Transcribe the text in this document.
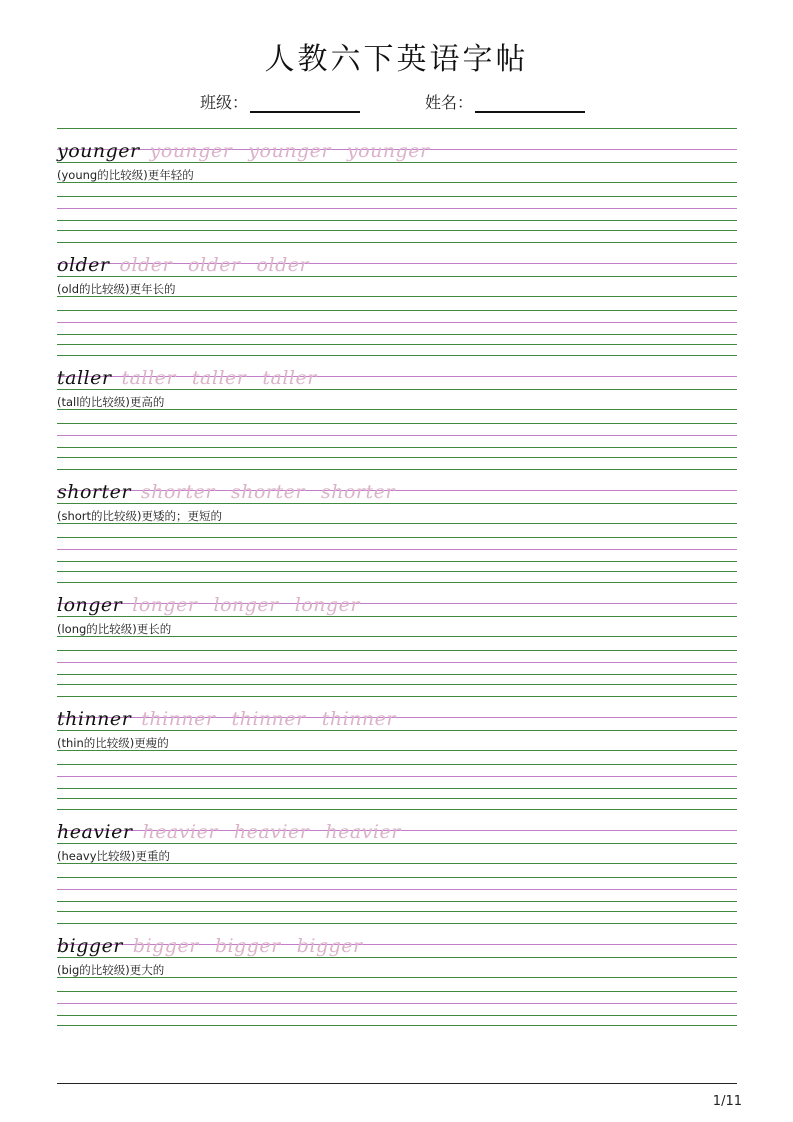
人教六下英语字帖
班级：	姓名：
younger younger younger younger
(young的比较级)更年轻的
older older older older
(old的比较级)更年长的
taller taller taller taller
(tall的比较级)更高的
shorter shorter shorter shorter
(short的比较级)更矮的；更短的
longer longer longer longer
(long的比较级)更长的
thinner thinner thinner thinner
(thin的比较级)更瘦的
heavier heavier heavier heavier
(heavy比较级)更重的
bigger bigger bigger bigger
(big的比较级)更大的
1/11
